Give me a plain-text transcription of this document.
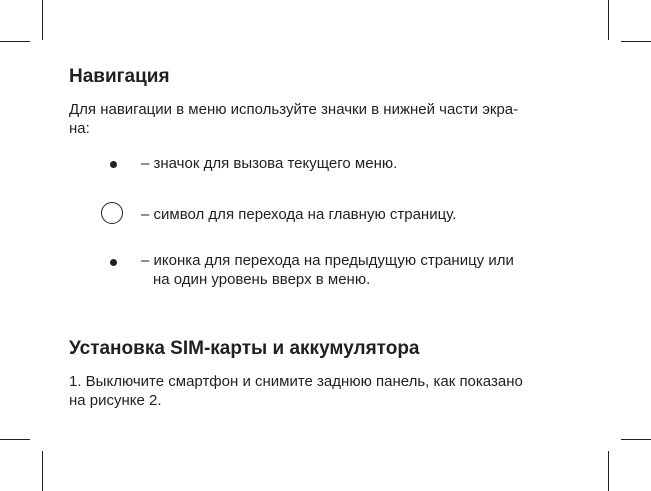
Навигация

Для навигации в меню используйте значки в нижней части экра-
на:

– значок для вызова текущего меню.

– символ для перехода на главную страницу.

– иконка для перехода на предыдущую страницу или
на один уровень вверх в меню.

Установка SIM-карты и аккумулятора

1. Выключите смартфон и снимите заднюю панель, как показано
на рисунке 2.
